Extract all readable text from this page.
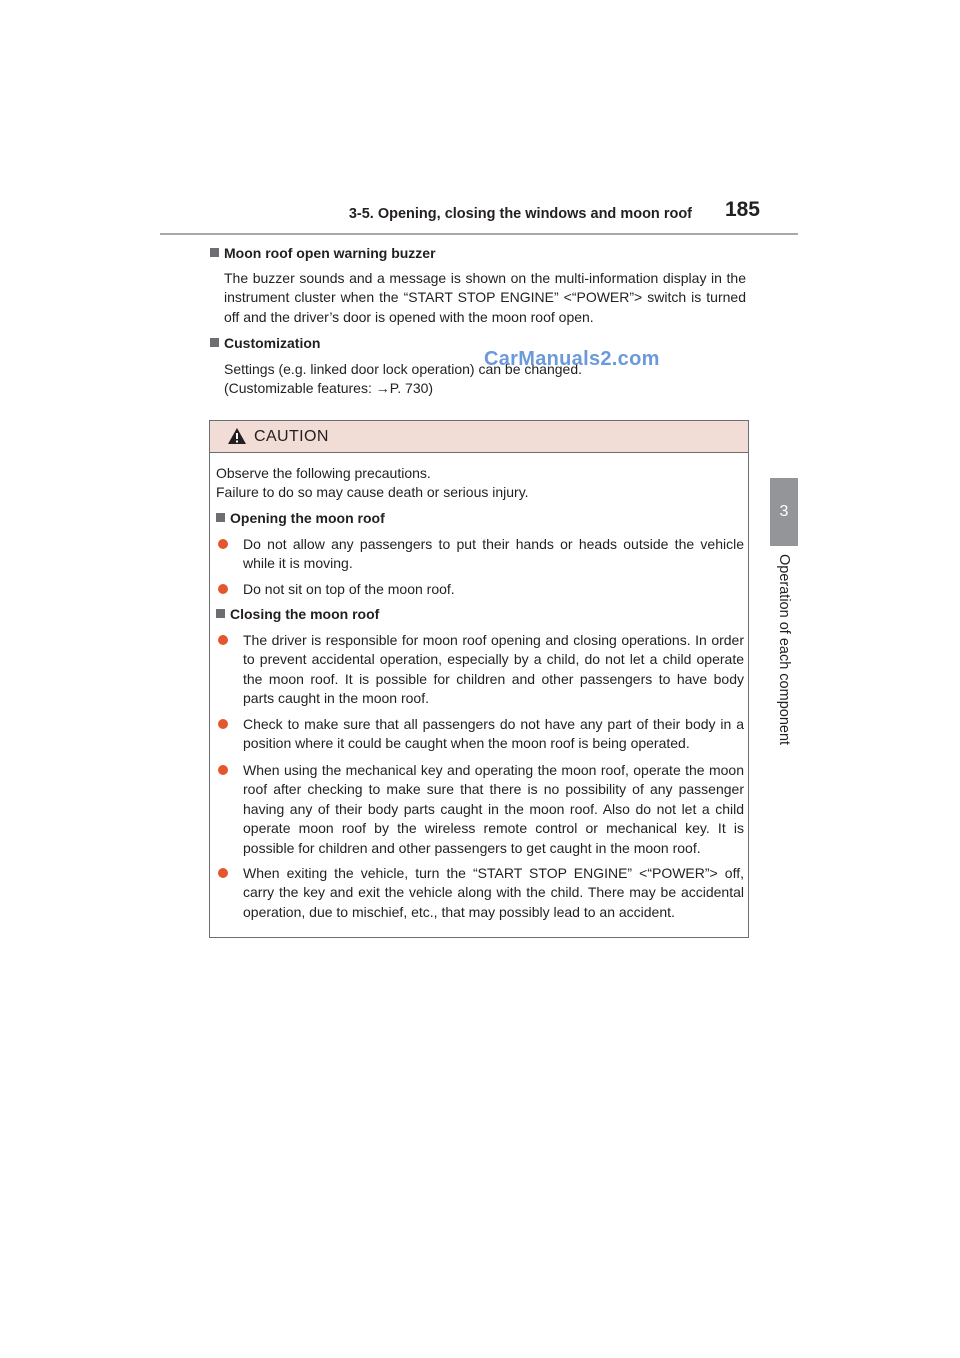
3-5. Opening, closing the windows and moon roof 185
3
Operation of each component
Moon roof open warning buzzer
The buzzer sounds and a message is shown on the multi-information display in the instrument cluster when the “START STOP ENGINE” <“POWER”> switch is turned off and the driver’s door is opened with the moon roof open.
Customization
Settings (e.g. linked door lock operation) can be changed.
(Customizable features: →P. 730)
CarManuals2.com
CAUTION
Observe the following precautions.
Failure to do so may cause death or serious injury.
Opening the moon roof
Do not allow any passengers to put their hands or heads outside the vehicle while it is moving.
Do not sit on top of the moon roof.
Closing the moon roof
The driver is responsible for moon roof opening and closing operations. In order to prevent accidental operation, especially by a child, do not let a child operate the moon roof. It is possible for children and other passengers to have body parts caught in the moon roof.
Check to make sure that all passengers do not have any part of their body in a position where it could be caught when the moon roof is being operated.
When using the mechanical key and operating the moon roof, operate the moon roof after checking to make sure that there is no possibility of any passenger having any of their body parts caught in the moon roof. Also do not let a child operate moon roof by the wireless remote control or mechanical key. It is possible for children and other passengers to get caught in the moon roof.
When exiting the vehicle, turn the “START STOP ENGINE” <“POWER”> off, carry the key and exit the vehicle along with the child. There may be accidental operation, due to mischief, etc., that may possibly lead to an accident.
